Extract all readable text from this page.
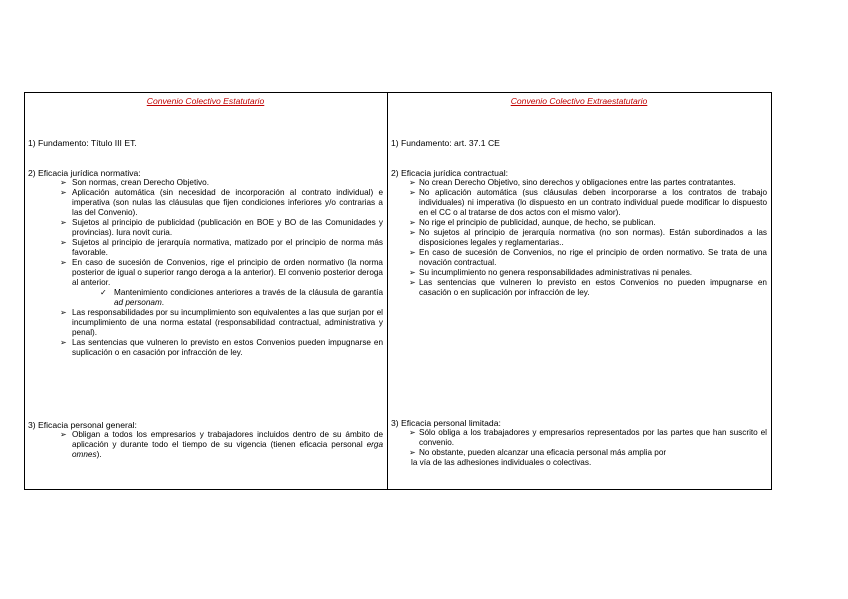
Convenio Colectivo Estatutario

1) Fundamento: Título III ET.

2) Eficacia jurídica normativa:

➢ Son normas, crean Derecho Objetivo.
➢ Aplicación automática (sin necesidad de incorporación al contrato individual) e imperativa (son nulas las cláusulas que fijen condiciones inferiores y/o contrarias a las del Convenio).
➢ Sujetos al principio de publicidad (publicación en BOE y BO de las Comunidades y provincias). Iura novit curia.
➢ Sujetos al principio de jerarquía normativa, matizado por el principio de norma más favorable.
➢ En caso de sucesión de Convenios, rige el principio de orden normativo (la norma posterior de igual o superior rango deroga a la anterior). El convenio posterior deroga al anterior.
✓ Mantenimiento condiciones anteriores a través de la cláusula de garantía ad personam.
➢ Las responsabilidades por su incumplimiento son equivalentes a las que surjan por el incumplimiento de una norma estatal (responsabilidad contractual, administrativa y penal).
➢ Las sentencias que vulneren lo previsto en estos Convenios pueden impugnarse en suplicación o en casación por infracción de ley.

3) Eficacia personal general:

➢ Obligan a todos los empresarios y trabajadores incluidos dentro de su ámbito de aplicación y durante todo el tiempo de su vigencia (tienen eficacia personal erga omnes).
Convenio Colectivo Extraestatutario

1) Fundamento: art. 37.1 CE

2) Eficacia jurídica contractual:

➢ No crean Derecho Objetivo, sino derechos y obligaciones entre las partes contratantes.
➢ No aplicación automática (sus cláusulas deben incorporarse a los contratos de trabajo individuales) ni imperativa (lo dispuesto en un contrato individual puede modificar lo dispuesto en el CC o al tratarse de dos actos con el mismo valor).
➢ No rige el principio de publicidad, aunque, de hecho, se publican.
➢ No sujetos al principio de jerarquía normativa (no son normas). Están subordinados a las disposiciones legales y reglamentarias..
➢ En caso de sucesión de Convenios, no rige el principio de orden normativo. Se trata de una novación contractual.
➢ Su incumplimiento no genera responsabilidades administrativas ni penales.
➢ Las sentencias que vulneren lo previsto en estos Convenios no pueden impugnarse en casación o en suplicación por infracción de ley.

3) Eficacia personal limitada:

➢ Sólo obliga a los trabajadores y empresarios representados por las partes que han suscrito el convenio.
➢ No obstante, pueden alcanzar una eficacia personal más amplia por
la vía de las adhesiones individuales o colectivas.
